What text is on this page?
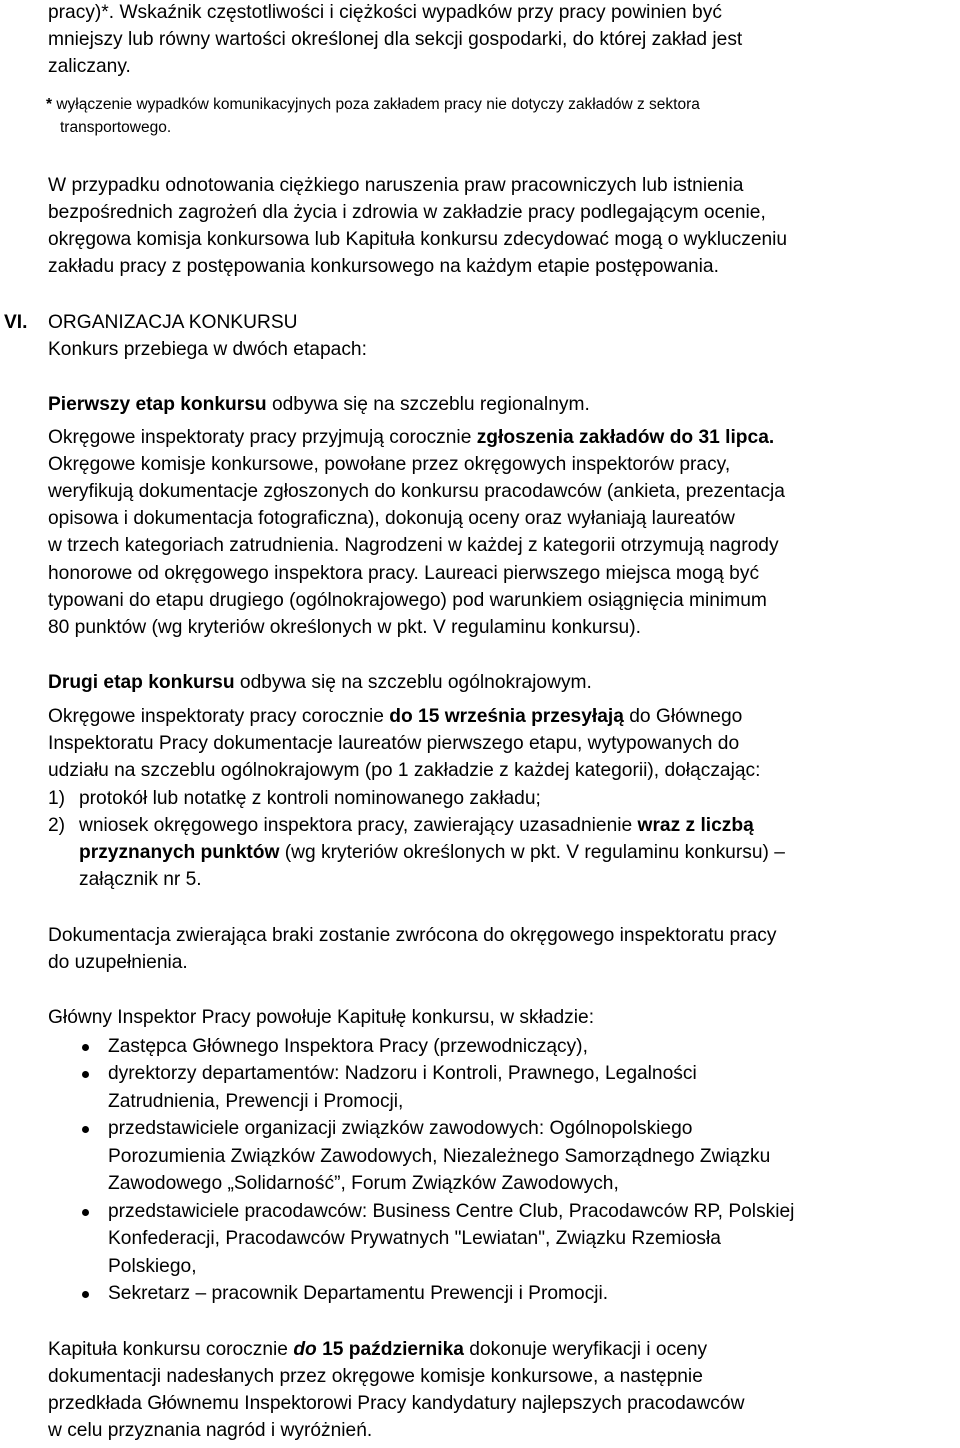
pracy)*. Wskaźnik częstotliwości i ciężkości wypadków przy pracy powinien być
mniejszy lub równy wartości określonej dla sekcji gospodarki, do której zakład jest
zaliczany.
* wyłączenie wypadków komunikacyjnych poza zakładem pracy nie dotyczy zakładów z sektora
transportowego.
W przypadku odnotowania ciężkiego naruszenia praw pracowniczych lub istnienia
bezpośrednich zagrożeń dla życia i zdrowia w zakładzie pracy podlegającym ocenie,
okręgowa komisja konkursowa lub Kapituła konkursu zdecydować mogą o wykluczeniu
zakładu pracy z postępowania konkursowego na każdym etapie postępowania.
VI. ORGANIZACJA KONKURSU
Konkurs przebiega w dwóch etapach:
Pierwszy etap konkursu odbywa się na szczeblu regionalnym.
Okręgowe inspektoraty pracy przyjmują corocznie zgłoszenia zakładów do 31 lipca.
Okręgowe komisje konkursowe, powołane przez okręgowych inspektorów pracy,
weryfikują dokumentacje zgłoszonych do konkursu pracodawców (ankieta, prezentacja
opisowa i dokumentacja fotograficzna), dokonują oceny oraz wyłaniają laureatów
w trzech kategoriach zatrudnienia. Nagrodzeni w każdej z kategorii otrzymują nagrody
honorowe od okręgowego inspektora pracy. Laureaci pierwszego miejsca mogą być
typowani do etapu drugiego (ogólnokrajowego) pod warunkiem osiągnięcia minimum
80 punktów (wg kryteriów określonych w pkt. V regulaminu konkursu).
Drugi etap konkursu odbywa się na szczeblu ogólnokrajowym.
Okręgowe inspektoraty pracy corocznie do 15 września przesyłają do Głównego
Inspektoratu Pracy dokumentacje laureatów pierwszego etapu, wytypowanych do
udziału na szczeblu ogólnokrajowym (po 1 zakładzie z każdej kategorii), dołączając:
1) protokół lub notatkę z kontroli nominowanego zakładu;
2) wniosek okręgowego inspektora pracy, zawierający uzasadnienie wraz z liczbą
przyznanych punktów (wg kryteriów określonych w pkt. V regulaminu konkursu) –
załącznik nr 5.
Dokumentacja zwierająca braki zostanie zwrócona do okręgowego inspektoratu pracy
do uzupełnienia.
Główny Inspektor Pracy powołuje Kapitułę konkursu, w składzie:
Zastępca Głównego Inspektora Pracy (przewodniczący),
dyrektorzy departamentów: Nadzoru i Kontroli, Prawnego, Legalności
Zatrudnienia, Prewencji i Promocji,
przedstawiciele organizacji związków zawodowych: Ogólnopolskiego
Porozumienia Związków Zawodowych, Niezależnego Samorządnego Związku
Zawodowego „Solidarność”, Forum Związków Zawodowych,
przedstawiciele pracodawców: Business Centre Club, Pracodawców RP, Polskiej
Konfederacji, Pracodawców Prywatnych "Lewiatan", Związku Rzemiosła
Polskiego,
Sekretarz – pracownik Departamentu Prewencji i Promocji.
Kapituła konkursu corocznie do 15 października dokonuje weryfikacji i oceny
dokumentacji nadesłanych przez okręgowe komisje konkursowe, a następnie
przedkłada Głównemu Inspektorowi Pracy kandydatury najlepszych pracodawców
w celu przyznania nagród i wyróżnień.
